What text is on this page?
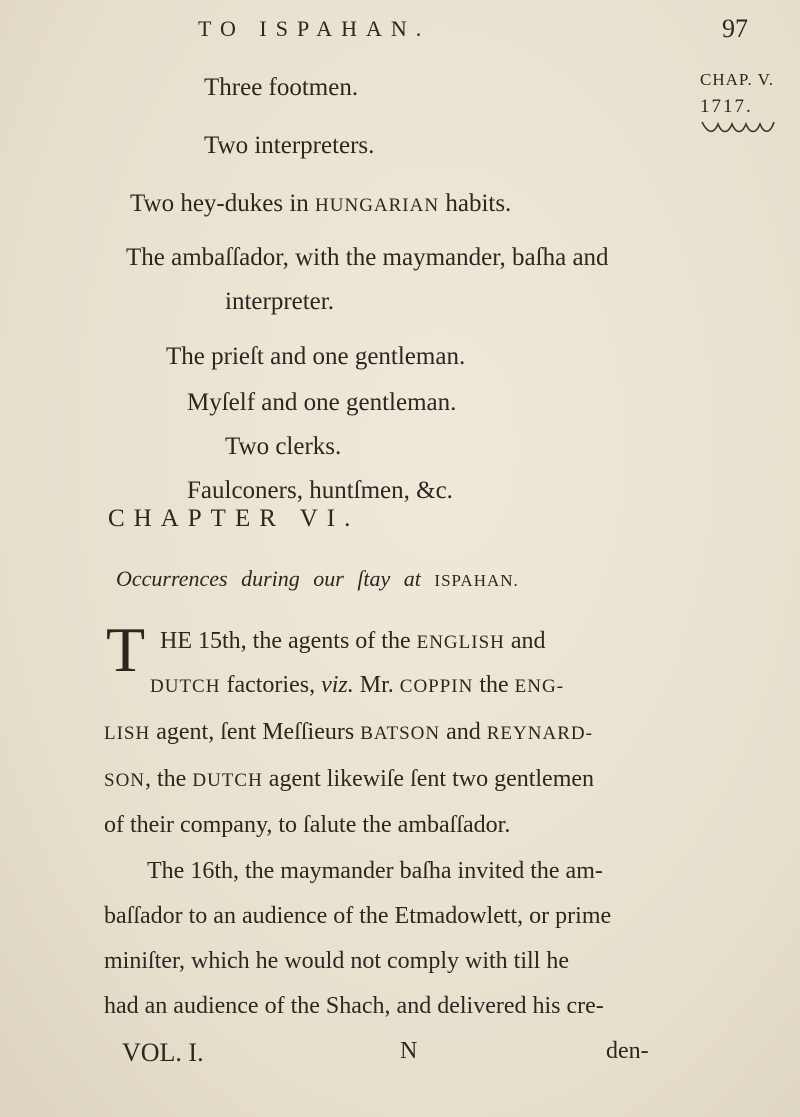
TO ISPAHAN.	97
CHAP. V.
1717.
Three footmen.
Two interpreters.
Two hey-dukes in HUNGARIAN habits.
The ambaſſador, with the maymander, baſha and
interpreter.
The prieſt and one gentleman.
Myſelf and one gentleman.
Two clerks.
Faulconers, huntſmen, &c.
CHAPTER VI.
Occurrences during our ſtay at ISPAHAN.
T HE 15th, the agents of the ENGLISH and
DUTCH factories, viz. Mr. COPPIN the ENG-
LISH agent, ſent Meſſieurs BATSON and REYNARD-
SON, the DUTCH agent likewiſe ſent two gentlemen
of their company, to ſalute the ambaſſador.
The 16th, the maymander baſha invited the am-
baſſador to an audience of the Etmadowlett, or prime
miniſter, which he would not comply with till he
had an audience of the Shach, and delivered his cre-
VOL. I.	N	den-
